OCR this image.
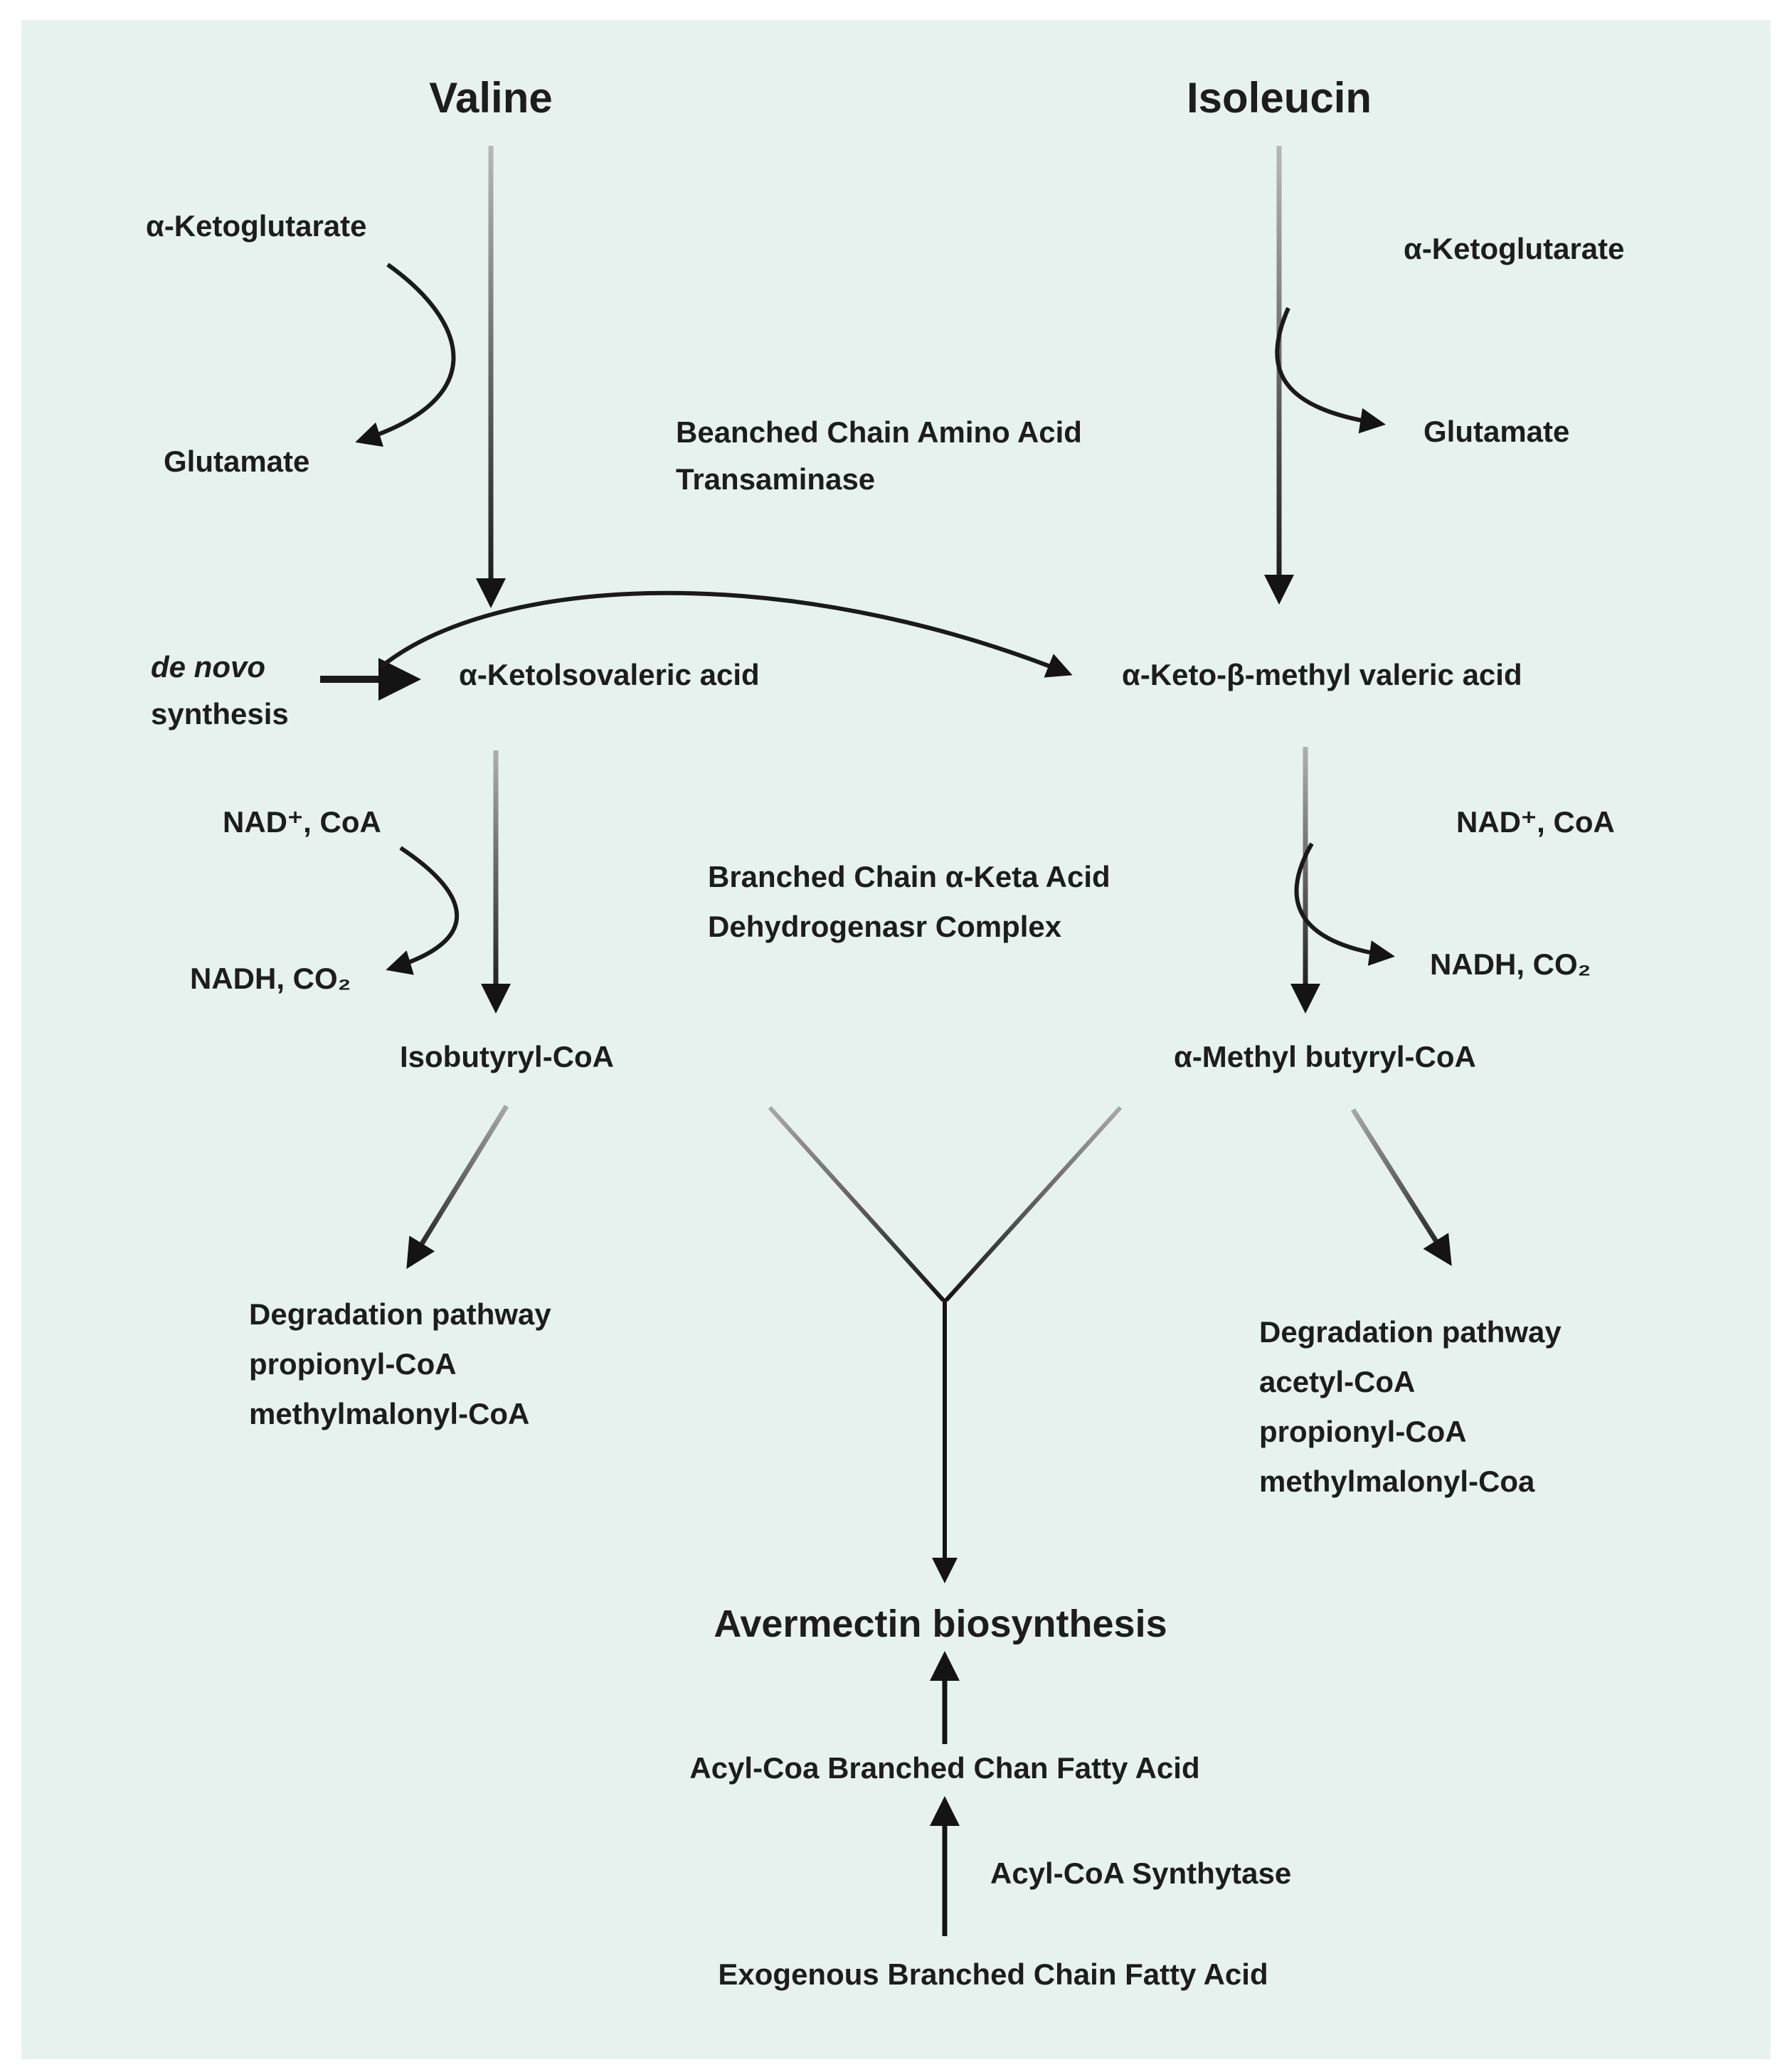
Valine	Isoleucin
α-Ketoglutarate
Glutamate
Beanched Chain Amino Acid
Transaminase
α-Ketoglutarate
Glutamate
de novo
synthesis
α-Ketolsovaleric acid	α-Keto-β-methyl valeric acid
NAD⁺, CoA
NADH, CO₂
Branched Chain α-Keta Acid
Dehydrogenasr Complex
NAD⁺, CoA
NADH, CO₂
Isobutyryl-CoA	α-Methyl butyryl-CoA
Degradation pathway
propionyl-CoA
methylmalonyl-CoA
Degradation pathway
acetyl-CoA
propionyl-CoA
methylmalonyl-Coa
Avermectin biosynthesis
Acyl-Coa Branched Chan Fatty Acid
Acyl-CoA Synthytase
Exogenous Branched Chain Fatty Acid
